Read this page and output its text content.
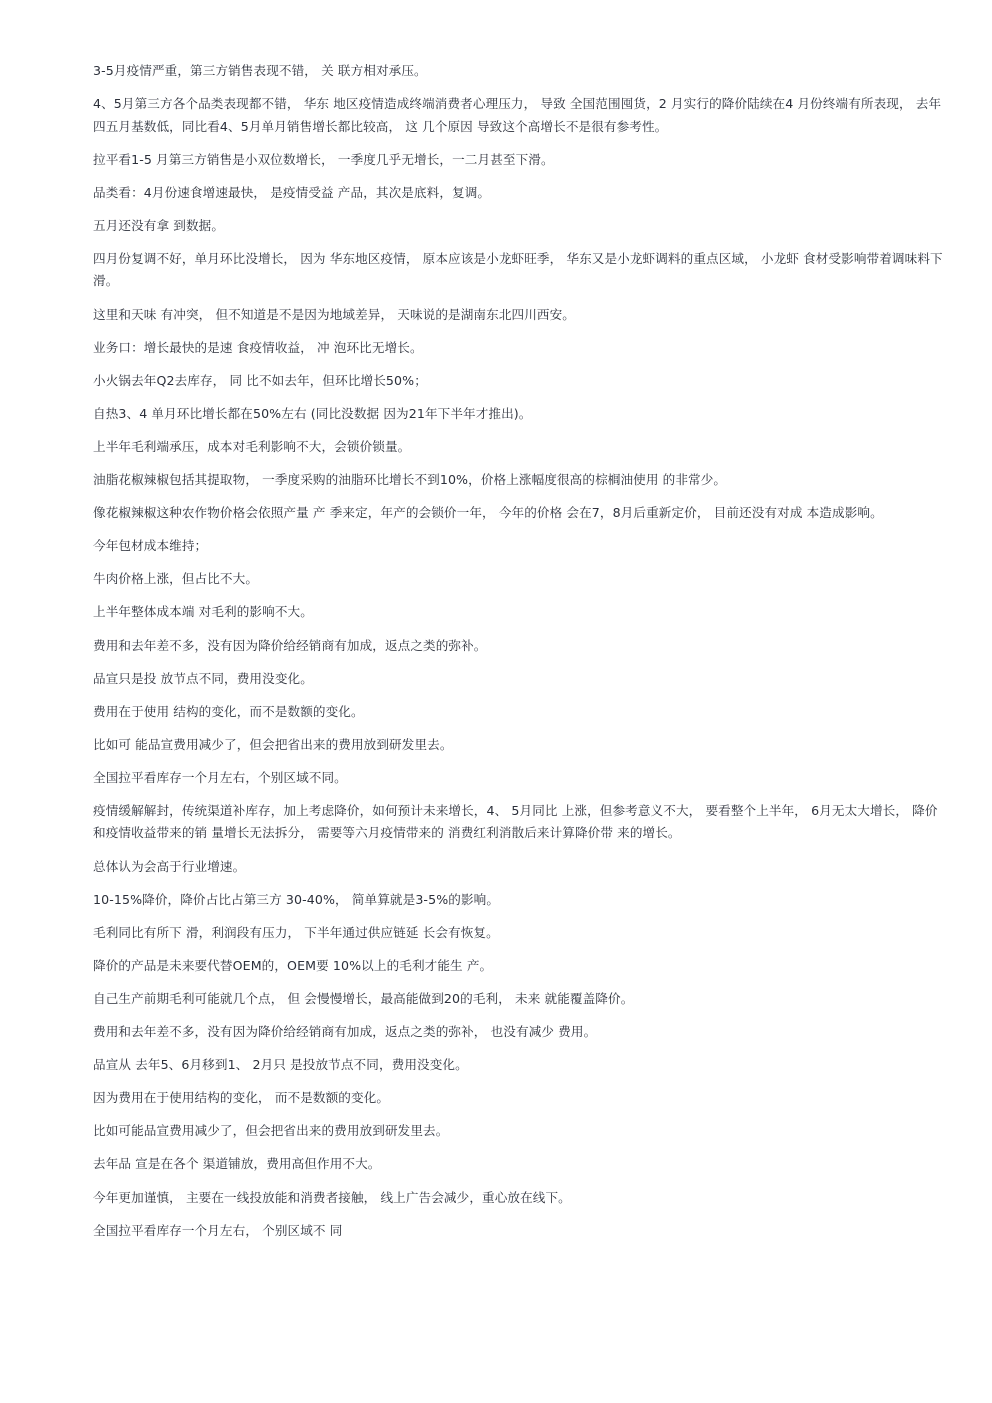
3-5月疫情严重，第三方销售表现不错， 关 联方相对承压。

4、5月第三方各个品类表现都不错， 华东 地区疫情造成终端消费者心理压力， 导致 全国范围囤货，2 月实行的降价陆续在4 月份终端有所表现， 去年四五月基数低，同比看4、5月单月销售增长都比较高， 这 几个原因 导致这个高增长不是很有参考性。

拉平看1-5 月第三方销售是小双位数增长， 一季度几乎无增长，一二月甚至下滑。

品类看：4月份速食增速最快， 是疫情受益 产品，其次是底料，复调。

五月还没有拿 到数据。

四月份复调不好，单月环比没增长， 因为 华东地区疫情， 原本应该是小龙虾旺季， 华东又是小龙虾调料的重点区域， 小龙虾 食材受影响带着调味料下滑。

这里和天味 有冲突， 但不知道是不是因为地域差异， 天味说的是湖南东北四川西安。

业务口：增长最快的是速 食疫情收益， 冲 泡环比无增长。

小火锅去年Q2去库存， 同 比不如去年，但环比增长50%；

自热3、4 单月环比增长都在50%左右 (同比没数据 因为21年下半年才推出)。

上半年毛利端承压，成本对毛利影响不大，会锁价锁量。

油脂花椒辣椒包括其提取物， 一季度采购的油脂环比增长不到10%，价格上涨幅度很高的棕榈油使用 的非常少。

像花椒辣椒这种农作物价格会依照产量 产 季来定，年产的会锁价一年， 今年的价格 会在7，8月后重新定价， 目前还没有对成 本造成影响。

今年包材成本维持；

牛肉价格上涨，但占比不大。

上半年整体成本端 对毛利的影响不大。

费用和去年差不多，没有因为降价给经销商有加成，返点之类的弥补。

品宣只是投 放节点不同，费用没变化。

费用在于使用 结构的变化，而不是数额的变化。

比如可 能品宣费用减少了，但会把省出来的费用放到研发里去。

全国拉平看库存一个月左右，个别区域不同。

疫情缓解解封，传统渠道补库存，加上考虑降价，如何预计未来增长，4、 5月同比 上涨，但参考意义不大， 要看整个上半年， 6月无太大增长， 降价和疫情收益带来的销 量增长无法拆分， 需要等六月疫情带来的 消费红利消散后来计算降价带 来的增长。

总体认为会高于行业增速。

10-15%降价，降价占比占第三方 30-40%， 简单算就是3-5%的影响。

毛利同比有所下 滑，利润段有压力， 下半年通过供应链延 长会有恢复。

降价的产品是未来要代替OEM的，OEM要 10%以上的毛利才能生 产。

自己生产前期毛利可能就几个点， 但 会慢慢增长，最高能做到20的毛利， 未来 就能覆盖降价。

费用和去年差不多，没有因为降价给经销商有加成，返点之类的弥补， 也没有减少 费用。

品宣从 去年5、6月移到1、 2月只 是投放节点不同，费用没变化。

因为费用在于使用结构的变化， 而不是数额的变化。

比如可能品宣费用减少了，但会把省出来的费用放到研发里去。

去年品 宣是在各个 渠道铺放，费用高但作用不大。

今年更加谨慎， 主要在一线投放能和消费者接触， 线上广告会减少，重心放在线下。

全国拉平看库存一个月左右， 个别区域不 同
